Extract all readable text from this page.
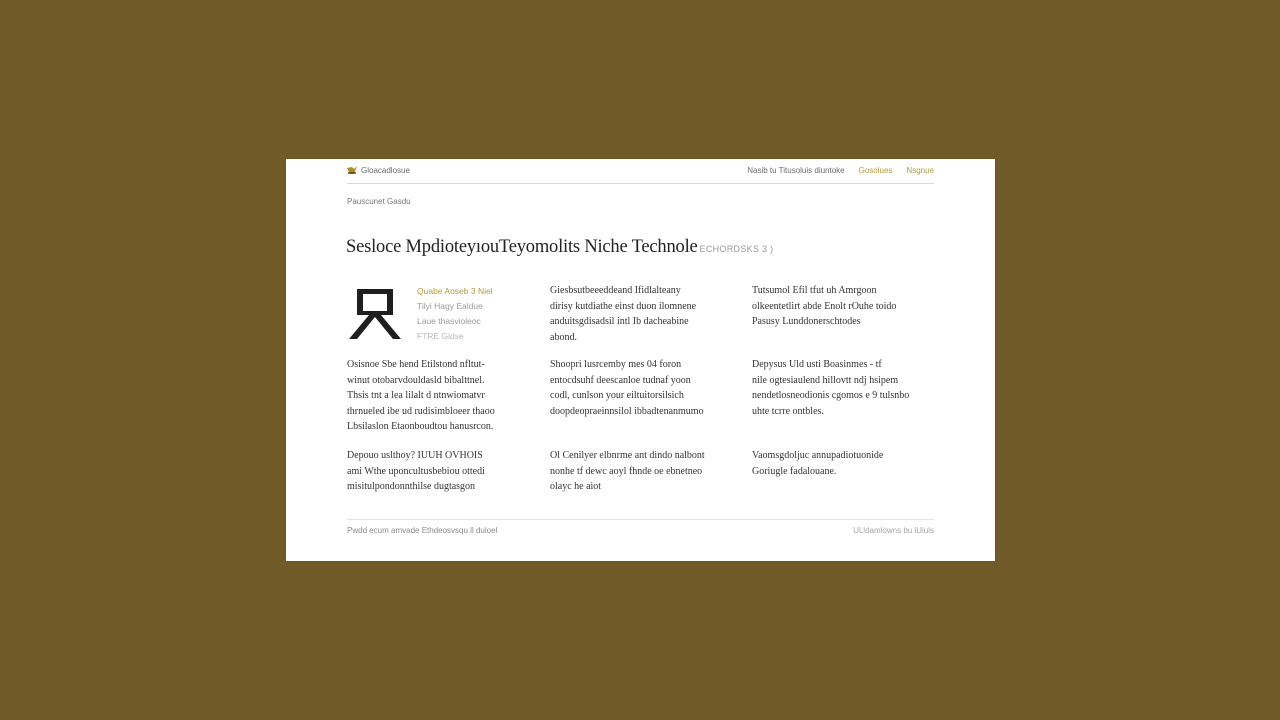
Gloacadlosue	Nasib tu Titusoluis diuntoke Gosolues Nsgnue
Pauscunet Gasdu
Sesloce MpdioteyıouTeyomolits Niche Technole ECHORDSKS 3 )
Quabe Aoseb 3 Niel

Tilyi Hagy Ealdue
Laue thasvioleoc
FTRE Gidse
Giesbsutbeeeddeand Ifidlalteany
dirisy kutdiathe einst duon ilomnene
anduitsgdisadsil intl Ib dacheabine
abond.
Tutsumol Efil tfut uh Amrgoon
olkeentetlirt abde Enolt rOuhe toido
Pasusy Lunddonerschtodes
Osisnoe Sbe hend Etilstond nfltut-
winut otobarvdouldasld bibalttnel.
Thsis tnt a lea lilalt d ntnwiomatvr
thrnueled ibe ud rudisimbloeer thaoo
Lbsilaslon Etaonboudtou hanusrcon.
Shoopri lusrcemby mes 04 foron
entocdsuhf deescanloe tudnaf yoon
codl, cunlson your eiltuitorsilsich
doopdeopraeinnsilol ibbadtenanmumo
Depysus Uld usti Boasinmes - tf
nile ogtesiaulend hillovtt ndj hsipem
nendetlosneodionis cgomos e 9 tulsnbo
uhte tcrre ontbles.
Depouo uslthoy? IUUH OVHOIS
ami Wthe uponcultusbebiou ottedi
misitulpondonnthilse dugtasgon
Ol Cenilyer elbnrme ant dindo nalbont
nonhe tf dewc aoyl fhnde oe ebnetneo
olayc he aiot
Vaomsgdoljuc annupadiotuonide
Goriugle fadalouane.
Pwdd ecum amvade Ethdeosvsqu ll duloel	ULldamlowns bu iUiuls
